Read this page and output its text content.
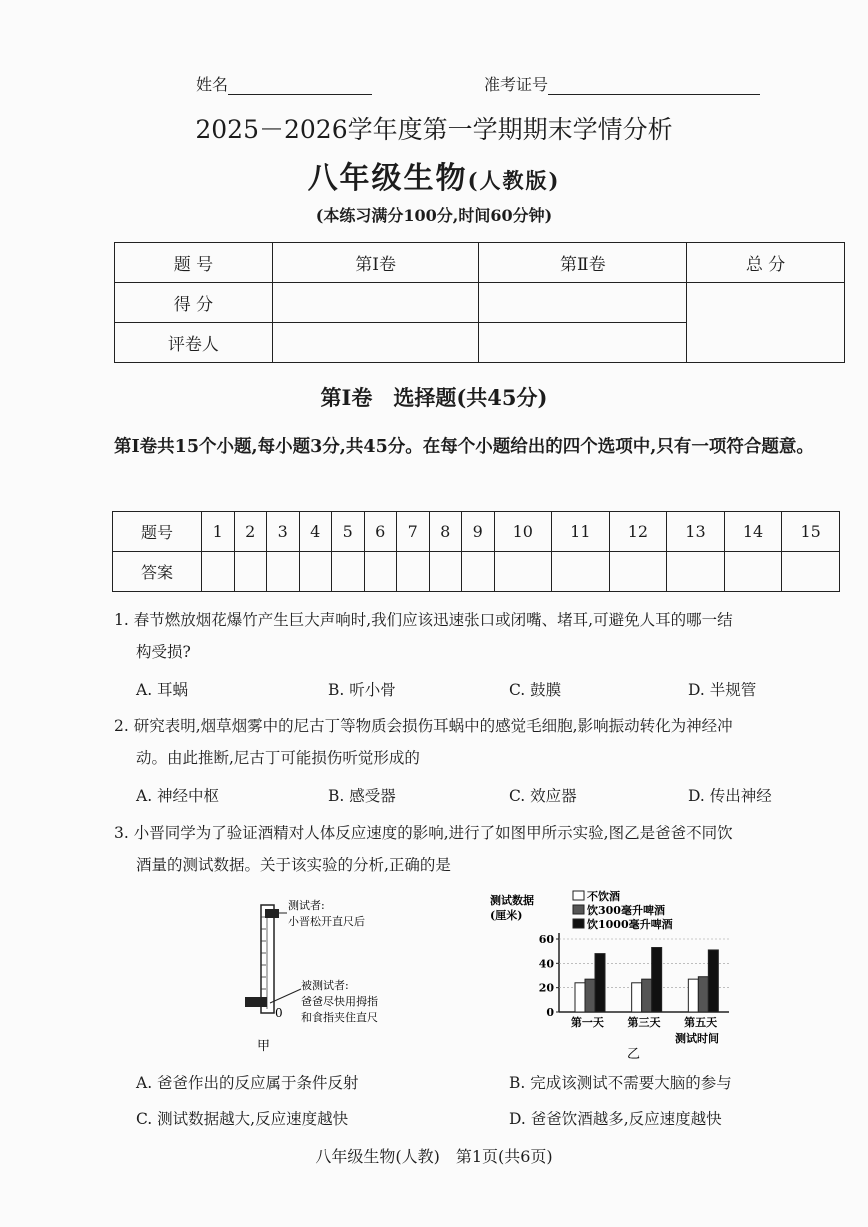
姓名	准考证号
2025－2026学年度第一学期期末学情分析
八年级生物(人教版)
(本练习满分100分,时间60分钟)
题 号	第Ⅰ卷	第Ⅱ卷	总 分
得 分			
评卷人			
第Ⅰ卷　选择题(共45分)
第Ⅰ卷共15个小题,每小题3分,共45分。在每个小题给出的四个选项中,只有一项符合题意。
题号	1	2	3	4	5	6	7	8	9	10	11	12	13	14	15
答案															
1. 春节燃放烟花爆竹产生巨大声响时,我们应该迅速张口或闭嘴、堵耳,可避免人耳的哪一结
构受损?
A. 耳蜗	B. 听小骨	C. 鼓膜	D. 半规管
2. 研究表明,烟草烟雾中的尼古丁等物质会损伤耳蜗中的感觉毛细胞,影响振动转化为神经冲
动。由此推断,尼古丁可能损伤听觉形成的
A. 神经中枢	B. 感受器	C. 效应器	D. 传出神经
3. 小晋同学为了验证酒精对人体反应速度的影响,进行了如图甲所示实验,图乙是爸爸不同饮
酒量的测试数据。关于该实验的分析,正确的是
测试者:
小晋松开直尺后
被测试者:
爸爸尽快用拇指
和食指夹住直尺
0
甲
测试数据
(厘米)
不饮酒
饮300毫升啤酒
饮1000毫升啤酒
0
20
40
60
第一天 第三天 第五天
乙
测试时间
A. 爸爸作出的反应属于条件反射	B. 完成该测试不需要大脑的参与
C. 测试数据越大,反应速度越快	D. 爸爸饮酒越多,反应速度越快
八年级生物(人教)　第1页(共6页)
